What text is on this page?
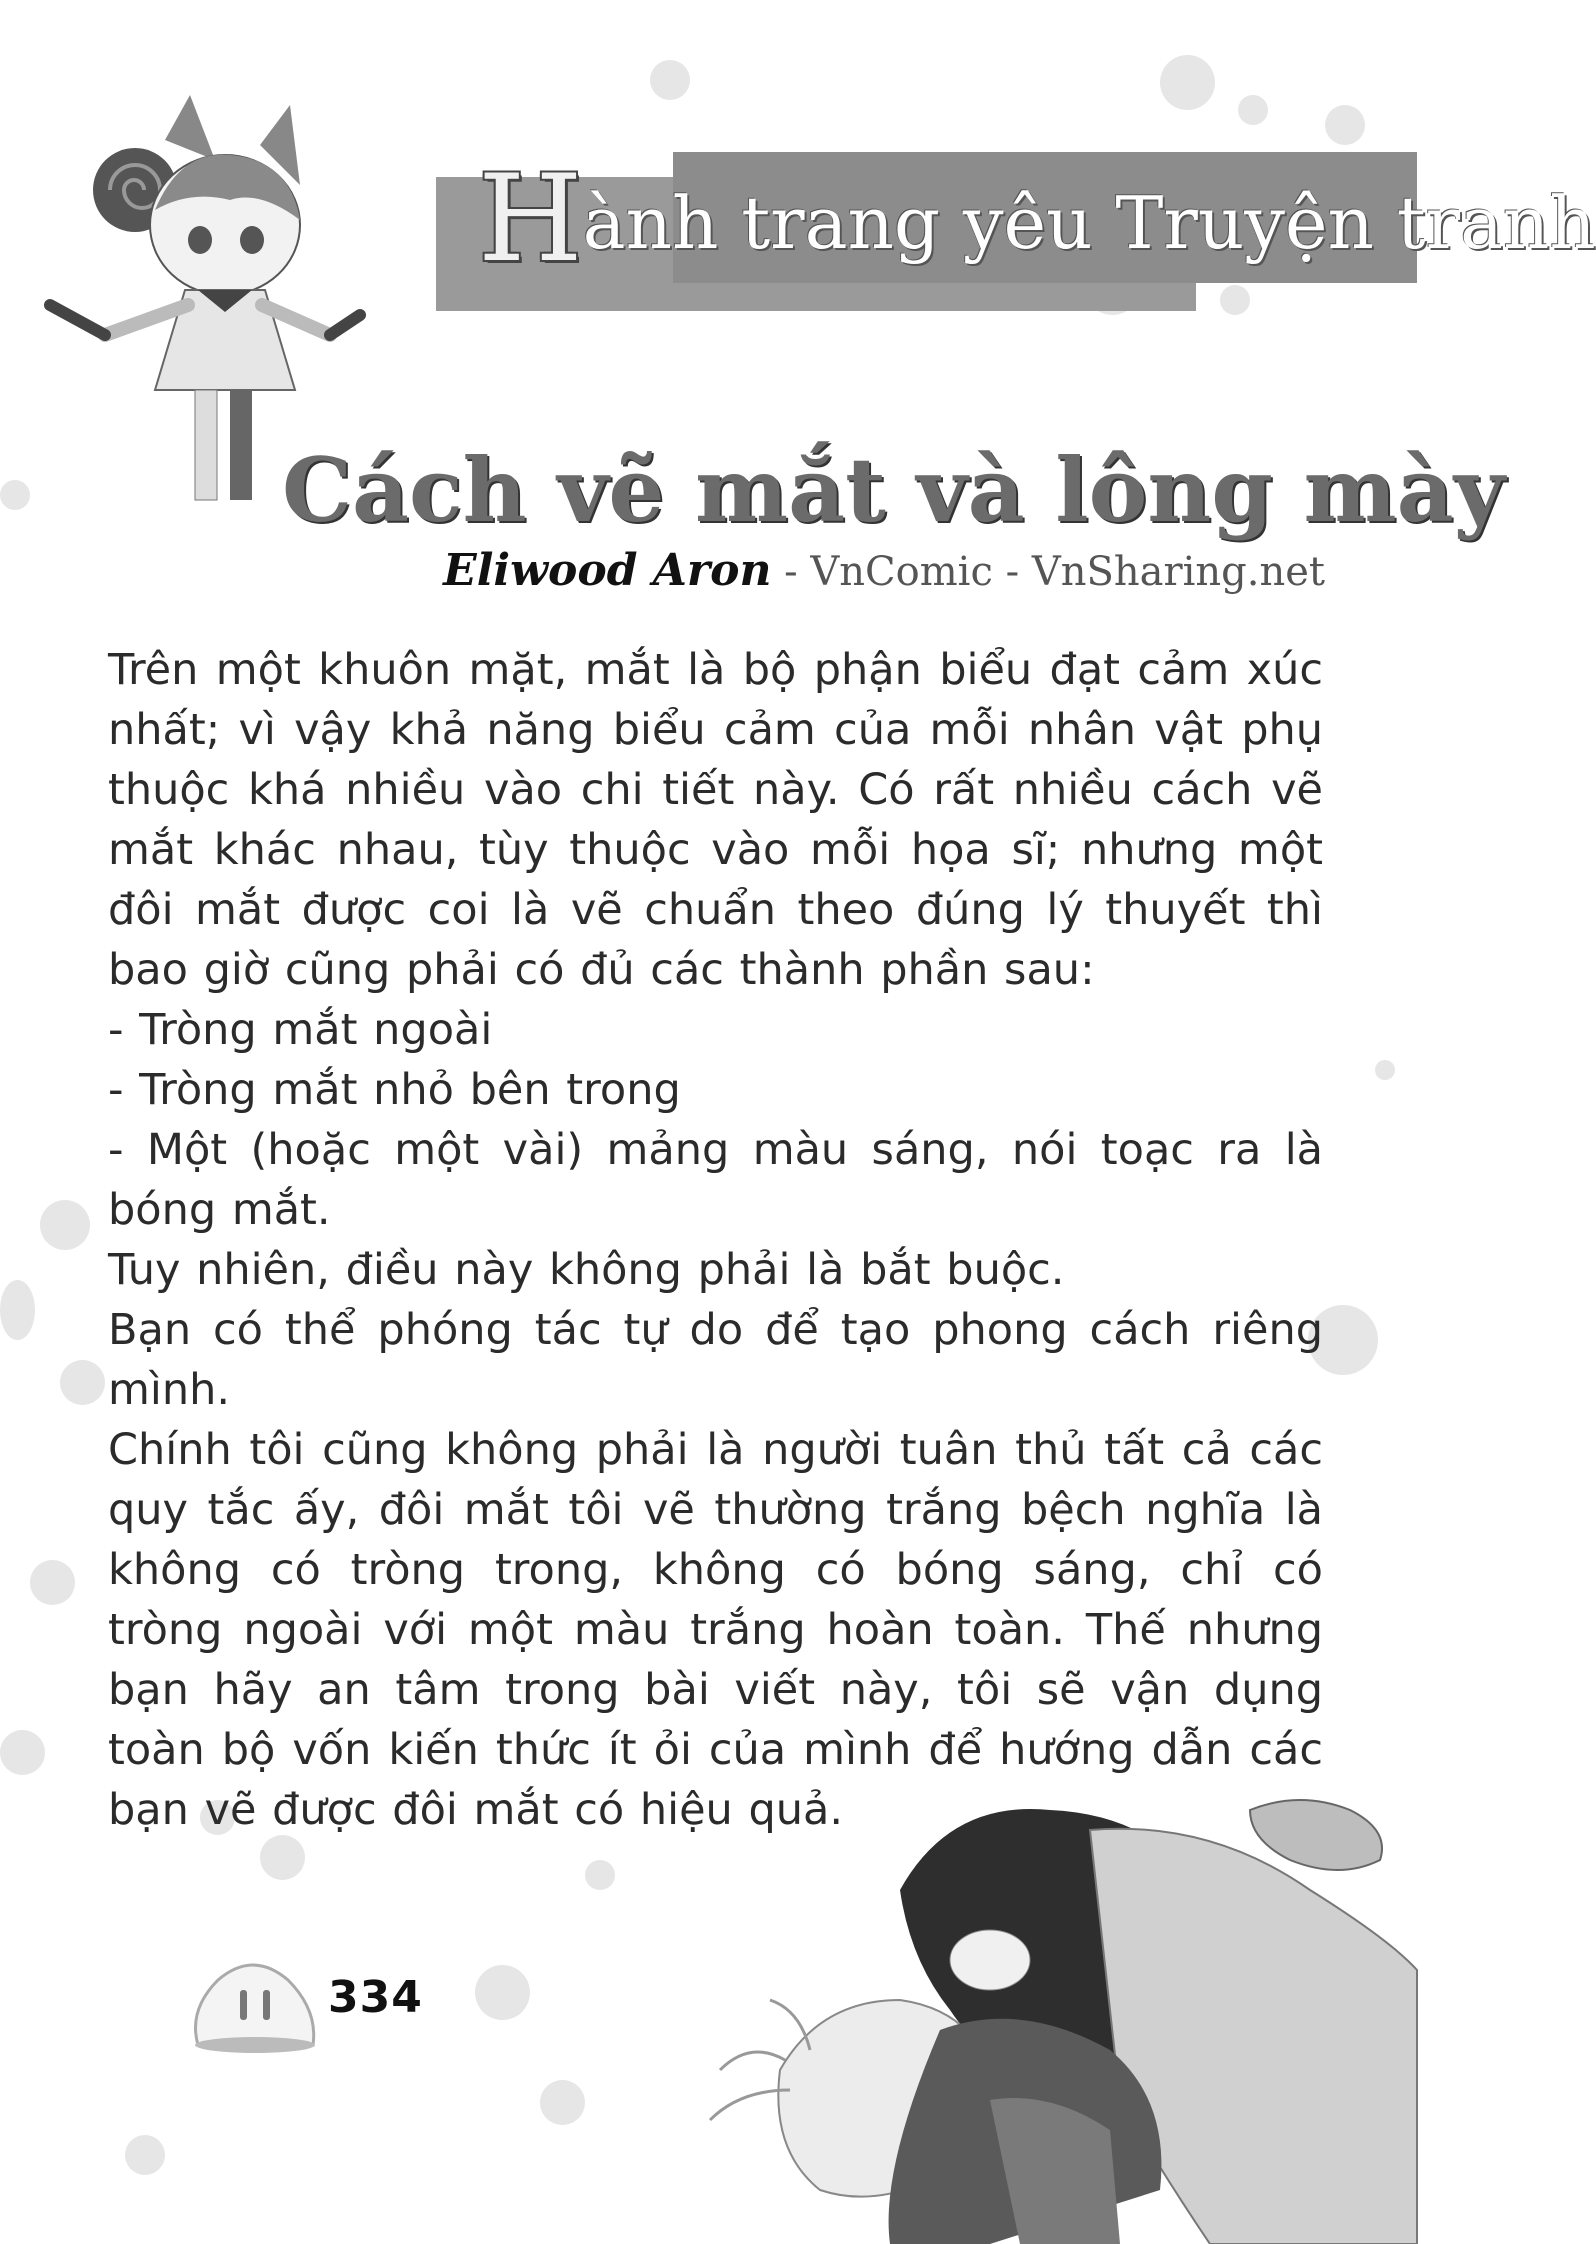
Hành trang yêu Truyện tranh
Cách vẽ mắt và lông mày
Eliwood Aron - VnComic - VnSharing.net

Trên một khuôn mặt, mắt là bộ phận biểu đạt cảm xúc nhất; vì vậy khả năng biểu cảm của mỗi nhân vật phụ thuộc khá nhiều vào chi tiết này. Có rất nhiều cách vẽ mắt khác nhau, tùy thuộc vào mỗi họa sĩ; nhưng một đôi mắt được coi là vẽ chuẩn theo đúng lý thuyết thì bao giờ cũng phải có đủ các thành phần sau:

- Tròng mắt ngoài

- Tròng mắt nhỏ bên trong

- Một (hoặc một vài) mảng màu sáng, nói toạc ra là bóng mắt.

Tuy nhiên, điều này không phải là bắt buộc.

Bạn có thể phóng tác tự do để tạo phong cách riêng mình.

Chính tôi cũng không phải là người tuân thủ tất cả các quy tắc ấy, đôi mắt tôi vẽ thường trắng bệch nghĩa là không có tròng trong, không có bóng sáng, chỉ có tròng ngoài với một màu trắng hoàn toàn. Thế nhưng bạn hãy an tâm trong bài viết này, tôi sẽ vận dụng toàn bộ vốn kiến thức ít ỏi của mình để hướng dẫn các bạn vẽ được đôi mắt có hiệu quả.

334
